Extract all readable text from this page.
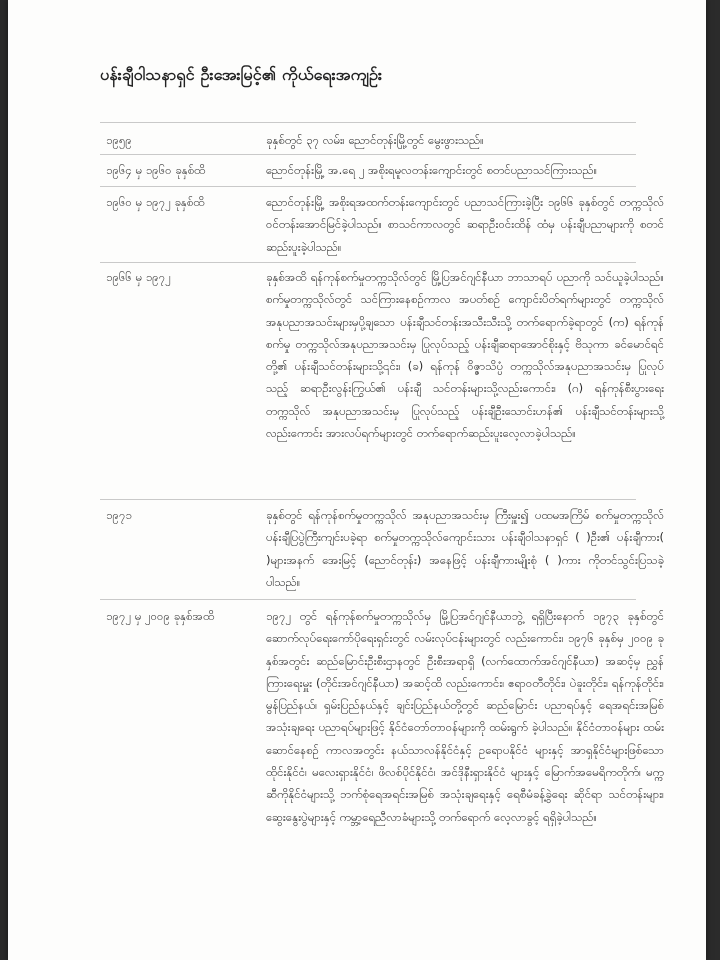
ပန်းချီဝါသနာရှင် ဦးအေးမြင့်၏ ကိုယ်ရေးအကျဉ်း
၁၉၅၉	ခုနှစ်တွင် ၃၇ လမ်း၊ ညောင်တုန်းမြို့တွင် မွေးဖွားသည်။
၁၉၆၄ မှ ၁၉၆၀ ခုနှစ်ထိ	ညောင်တုန်းမြို့ အ.ရေ ၂ အစိုးရမူလတန်းကျောင်းတွင် စတင်ပညာသင်ကြားသည်။
၁၉၆၀ မှ ၁၉၇၂ ခုနှစ်ထိ	ညောင်တုန်းမြို့ အစိုးရအထက်တန်းကျောင်းတွင် ပညာသင်ကြားခဲ့ပြီး ၁၉၆၆ ခုနှစ်တွင် တက္ကသိုလ်ဝင်တန်းအောင်မြင်ခဲ့ပါသည်။ စာသင်ကာလတွင် ဆရာဦးဝင်းထိန် ထံမှ ပန်းချီပညာများကို စတင်ဆည်းပူးခဲ့ပါသည်။
၁၉၆၆ မှ ၁၉၇၂	ခုနှစ်အထိ ရန်ကုန်စက်မှုတက္ကသိုလ်တွင် မြို့ပြအင်ဂျင်နီယာ ဘာသာရပ် ပညာကို သင်ယူခဲ့ပါသည်။ စက်မှုတက္ကသိုလ်တွင် သင်ကြားနေစဉ်ကာလ အပတ်စဉ် ကျောင်းပိတ်ရက်များတွင် တက္ကသိုလ်အနုပညာအသင်းများမှပို့ချသော ပန်းချီသင်တန်းအသီးသီးသို့ တက်ရောက်ခဲ့ရာတွင် (က) ရန်ကုန်စက်မှု တက္ကသိုလ်အနုပညာအသင်းမှ ပြုလုပ်သည့် ပန်းချီဆရာအောင်စိုးနှင့် ဗိသုကာ ခင်မောင်ရင်တို့၏ ပန်းချီသင်တန်းများသို့၎င်း၊ (ခ) ရန်ကုန် ဝိဇ္ဇာသိပ္ပံ တက္ကသိုလ်အနုပညာအသင်းမှ ပြုလုပ်သည့် ဆရာဦးလွန်းကြွယ်၏ ပန်းချီ သင်တန်းများသို့လည်းကောင်း၊ (ဂ) ရန်ကုန်စီးပွားရေးတက္ကသိုလ် အနုပညာအသင်းမှ ပြုလုပ်သည့် ပန်းချီဦးသောင်းဟန်၏ ပန်းချီသင်တန်းများသို့ လည်းကောင်း အားလပ်ရက်များတွင် တက်ရောက်ဆည်းပူးလေ့လာခဲ့ပါသည်။
၁၉၇၁	ခုနှစ်တွင် ရန်ကုန်စက်မှုတက္ကသိုလ် အနုပညာအသင်းမှ ကြီးမှူး၍ ပထမအကြိမ် စက်မှုတက္ကသိုလ် ပန်းချီပြပွဲကြီးကျင်းပခဲ့ရာ စက်မှုတက္ကသိုလ်ကျောင်းသား ပန်းချီဝါသနာရှင် ( )ဦး၏ ပန်းချီကား( )များအနက် အေးမြင့် (ညောင်တုန်း) အနေဖြင့် ပန်းချီကားမျိုးစုံ ( )ကား ကိုတင်သွင်းပြသခဲ့ပါသည်။
၁၉၇၂ မှ ၂၀၀၉ ခုနှစ်အထိ	၁၉၇၂ တွင် ရန်ကုန်စက်မှုတက္ကသိုလ်မှ မြို့ပြအင်ဂျင်နီယာဘွဲ့ ရရှိပြီးနောက် ၁၉၇၃ ခုနှစ်တွင် ဆောက်လုပ်ရေးကော်ပိုရေးရှင်းတွင် လမ်းလုပ်ငန်းများတွင် လည်းကောင်း၊ ၁၉၇၆ ခုနှစ်မှ ၂၀၀၉ ခုနှစ်အတွင်း ဆည်မြောင်းဦးစီးဌာနတွင် ဦးစီးအရာရှိ (လက်ထောက်အင်ဂျင်နီယာ) အဆင့်မှ ညွှန်ကြားရေးမှူး (တိုင်းအင်ဂျင်နီယာ) အဆင့်ထိ လည်းကောင်း၊ ဧရာဝတီတိုင်း၊ ပဲခူးတိုင်း၊ ရန်ကုန်တိုင်း၊ မွန်ပြည်နယ်၊ ရှမ်းပြည်နယ်နှင့် ချင်းပြည်နယ်တို့တွင် ဆည်မြောင်း ပညာရပ်နှင့် ရေအရင်းအမြစ် အသုံးချရေး ပညာရပ်များဖြင့် နိုင်ငံတော်တာဝန်များကို ထမ်းရွက် ခဲ့ပါသည်။ နိုင်ငံတာဝန်များ ထမ်းဆောင်နေစဉ် ကာလအတွင်း နယ်သာလန်နိုင်ငံနှင့် ဥရောပနိုင်ငံ များနှင့် အာရှနိုင်ငံများဖြစ်သော ထိုင်းနိုင်ငံ၊ မလေးရှားနိုင်ငံ၊ ဖိလစ်ပိုင်နိုင်ငံ၊ အင်ဒိုနီးရှားနိုင်ငံ များနှင့် မြောက်အမေရိကတိုက်၊ မက္ကဆီကိုနိုင်ငံများသို့ ဘက်စုံရေအရင်းအမြစ် အသုံးချရေးနှင့် ရေစီမံခန့်ခွဲရေး ဆိုင်ရာ သင်တန်းများ၊ ဆွေးနွေးပွဲများနှင့် ကမ္ဘာ့ရေညီလာခံများသို့ တက်ရောက် လေ့လာခွင့် ရရှိခဲ့ပါသည်။
